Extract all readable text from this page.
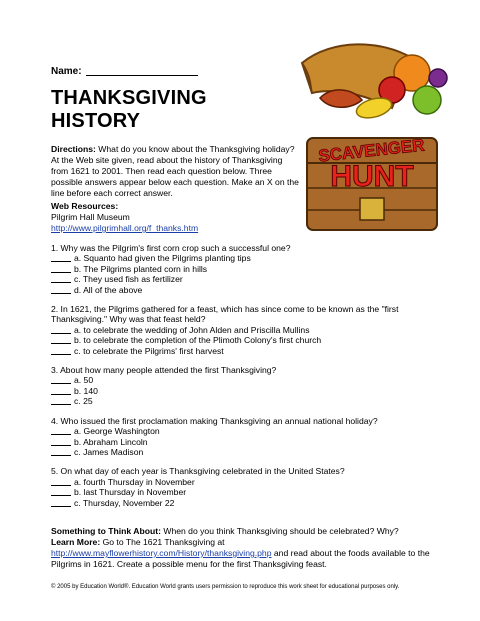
Name:
THANKSGIVING
HISTORY
Directions: What do you know about the Thanksgiving holiday? At the Web site given, read about the history of Thanksgiving from 1621 to 2001. Then read each question below. Three possible answers appear below each question. Make an X on the line before each correct answer.
Web Resources:
Pilgrim Hall Museum
http://www.pilgrimhall.org/f_thanks.htm

1. Why was the Pilgrim's first corn crop such a successful one?

a. Squanto had given the Pilgrims planting tips

b. The Pilgrims planted corn in hills

c. They used fish as fertilizer

d. All of the above

2. In 1621, the Pilgrims gathered for a feast, which has since come to be known as the "first Thanksgiving." Why was that feast held?

a. to celebrate the wedding of John Alden and Priscilla Mullins

b. to celebrate the completion of the Plimoth Colony's first church

c. to celebrate the Pilgrims' first harvest

3. About how many people attended the first Thanksgiving?

a. 50

b. 140

c. 25

4. Who issued the first proclamation making Thanksgiving an annual national holiday?

a. George Washington

b. Abraham Lincoln

c. James Madison

5. On what day of each year is Thanksgiving celebrated in the United States?

a. fourth Thursday in November

b. last Thursday in November

c. Thursday, November 22

Something to Think About: When do you think Thanksgiving should be celebrated? Why?
Learn More: Go to The 1621 Thanksgiving at
http://www.mayflowerhistory.com/History/thanksgiving.php and read about the foods available to the Pilgrims in 1621. Create a possible menu for the first Thanksgiving feast.
© 2005 by Education World®. Education World grants users permission to reproduce this work sheet for educational purposes only.
SCAVENGER
HUNT
